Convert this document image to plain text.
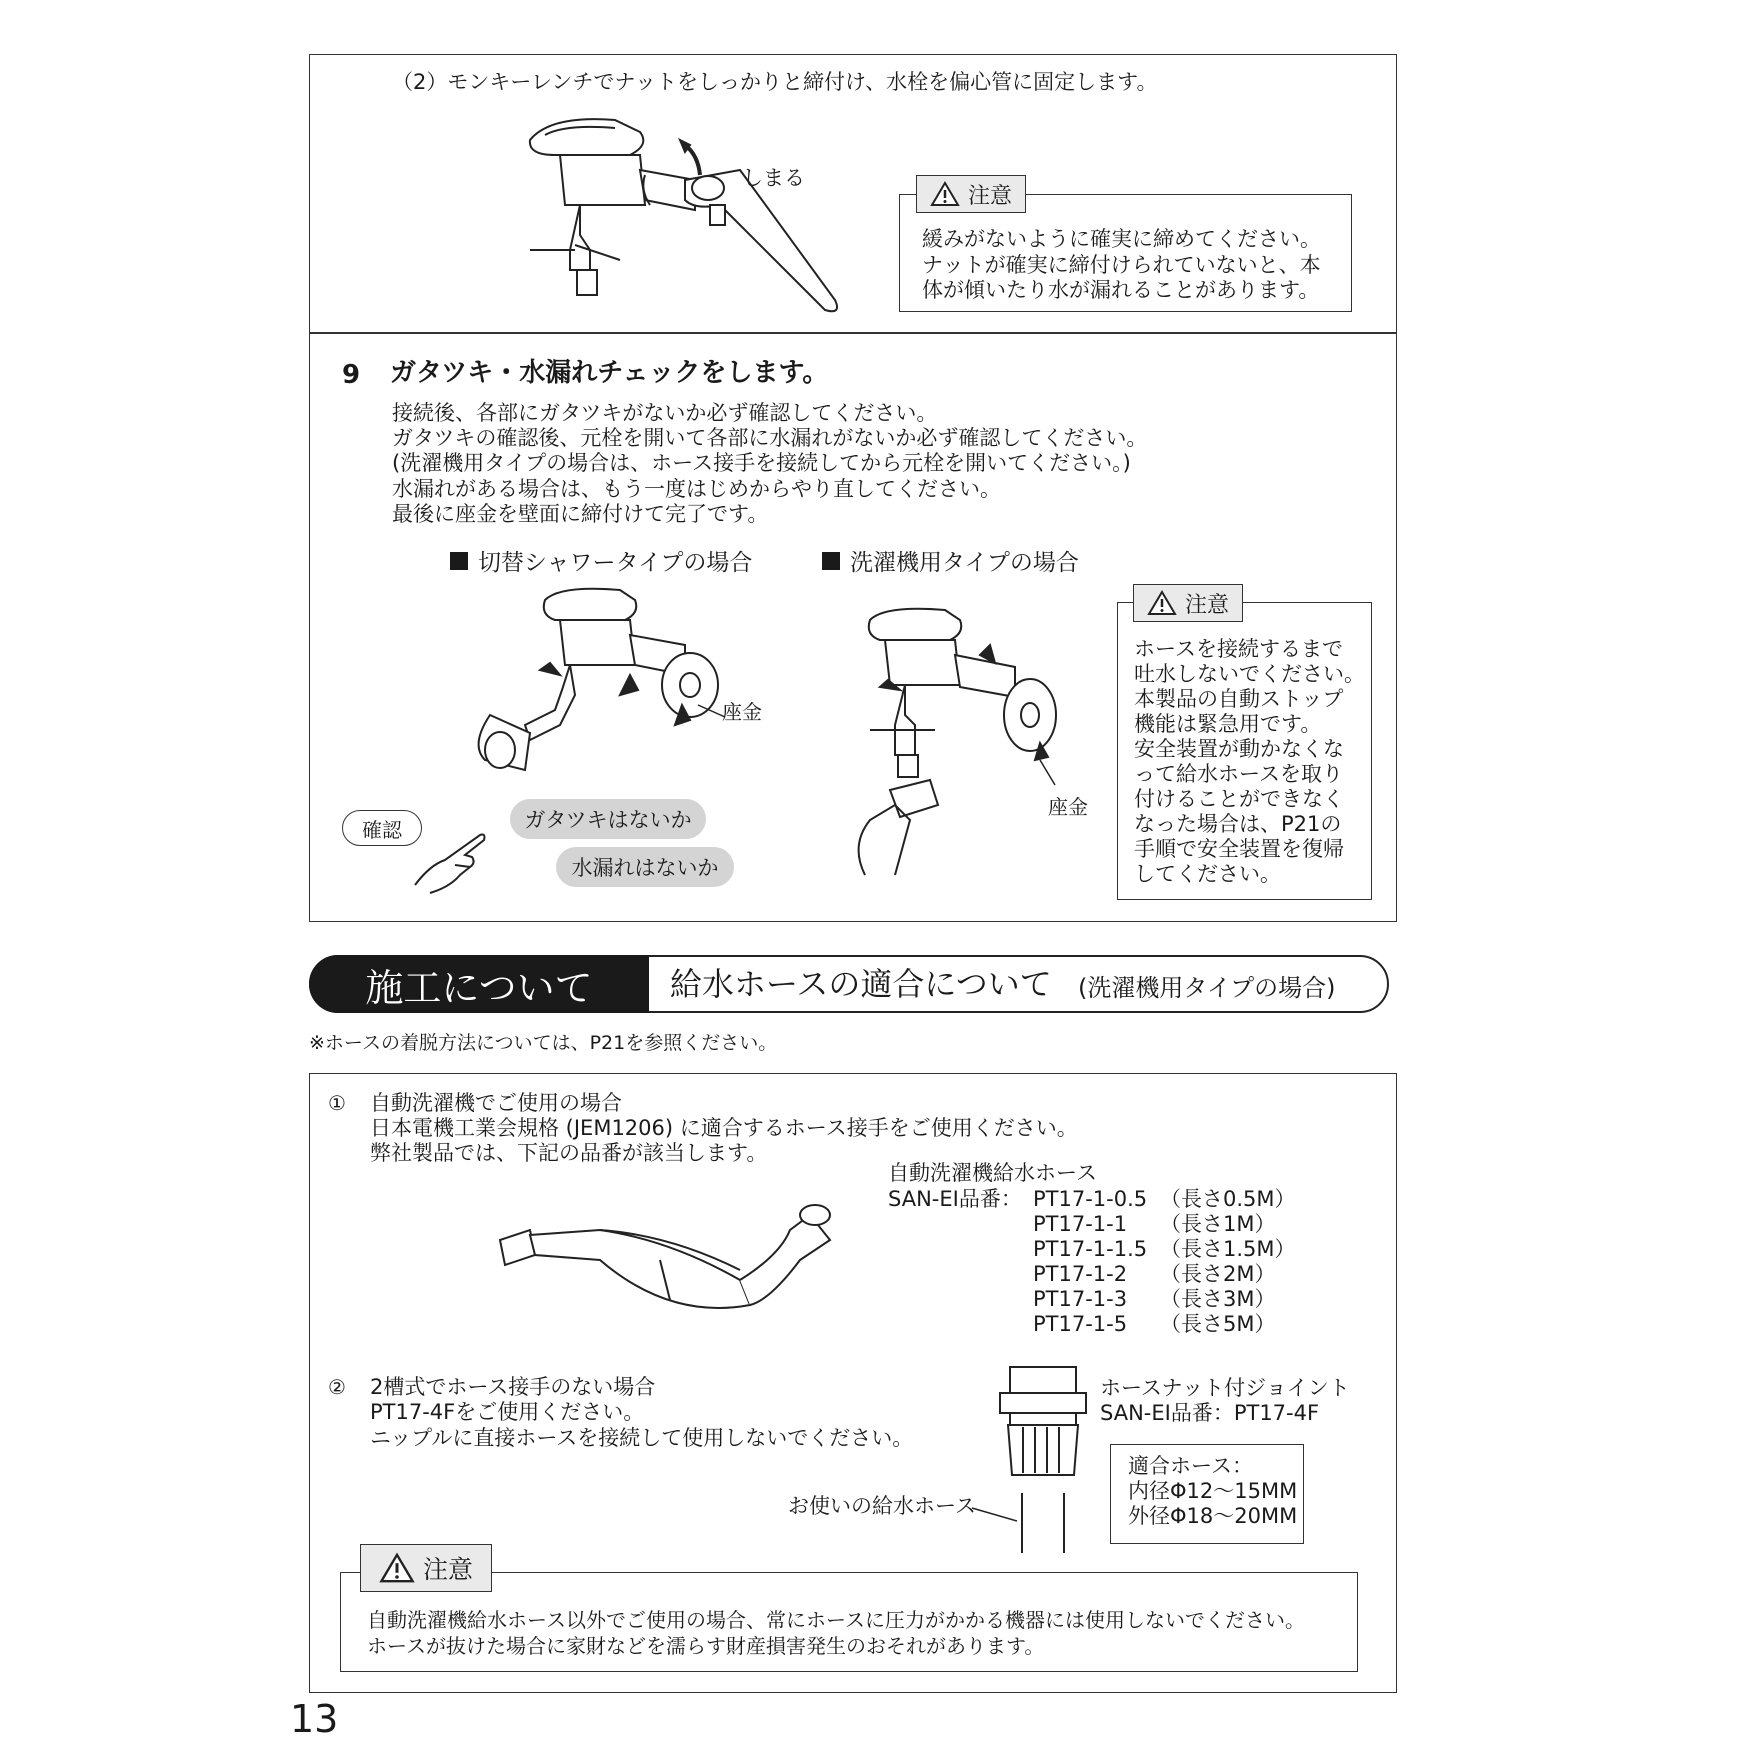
（2）モンキーレンチでナットをしっかりと締付け、水栓を偏心管に固定します。
しまる
注意
緩みがないように確実に締めてください。
ナットが確実に締付けられていないと、本
体が傾いたり水が漏れることがあります。
9 ガタツキ・水漏れチェックをします。
接続後、各部にガタツキがないか必ず確認してください。
ガタツキの確認後、元栓を開いて各部に水漏れがないか必ず確認してください。
(洗濯機用タイプの場合は、ホース接手を接続してから元栓を開いてください。)
水漏れがある場合は、もう一度はじめからやり直してください。
最後に座金を壁面に締付けて完了です。
切替シャワータイプの場合	洗濯機用タイプの場合
座金
座金
確認	ガタツキはないか
水漏れはないか
注意
ホースを接続するまで
吐水しないでください。
本製品の自動ストップ
機能は緊急用です。
安全装置が動かなくな
って給水ホースを取り
付けることができなく
なった場合は、P21の
手順で安全装置を復帰
してください。
施工について 給水ホースの適合について (洗濯機用タイプの場合)
※ホースの着脱方法については、P21を参照ください。
① 自動洗濯機でご使用の場合
日本電機工業会規格 (JEM1206) に適合するホース接手をご使用ください。
弊社製品では、下記の品番が該当します。
自動洗濯機給水ホース
SAN-EI品番： PT17-1-0.5 （長さ0.5M）
PT17-1-1 （長さ1M）
PT17-1-1.5 （長さ1.5M）
PT17-1-2 （長さ2M）
PT17-1-3 （長さ3M）
PT17-1-5 （長さ5M）
② 2槽式でホース接手のない場合
PT17-4Fをご使用ください。
ニップルに直接ホースを接続して使用しないでください。
ホースナット付ジョイント
SAN-EI品番：PT17-4F
適合ホース：
内径Φ12～15MM
外径Φ18～20MM
お使いの給水ホース
注意
自動洗濯機給水ホース以外でご使用の場合、常にホースに圧力がかかる機器には使用しないでください。
ホースが抜けた場合に家財などを濡らす財産損害発生のおそれがあります。
13
